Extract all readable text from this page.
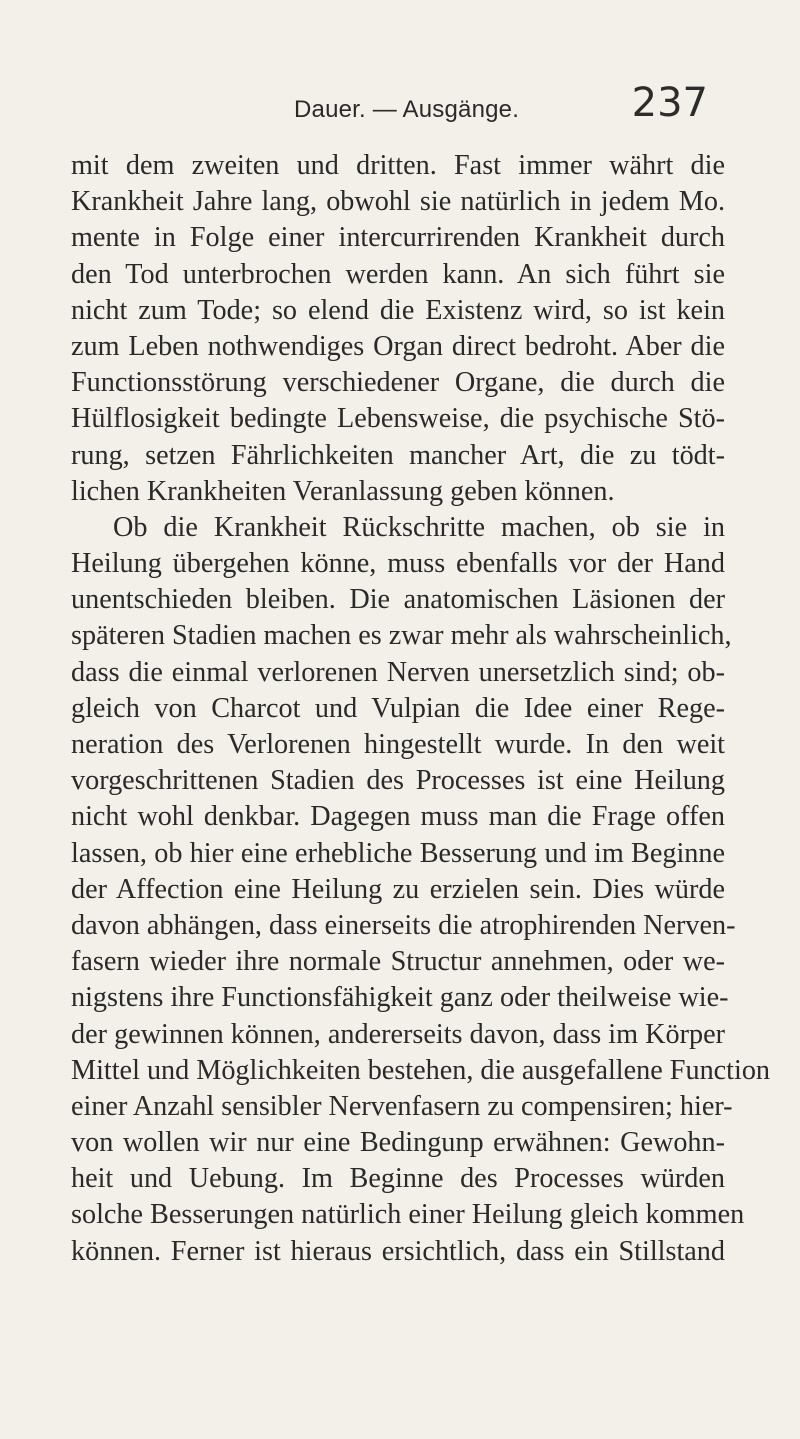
Dauer. — Ausgänge.	237
mit dem zweiten und dritten. Fast immer währt die
Krankheit Jahre lang, obwohl sie natürlich in jedem Mo.
mente in Folge einer intercurrirenden Krankheit durch
den Tod unterbrochen werden kann. An sich führt sie
nicht zum Tode; so elend die Existenz wird, so ist kein
zum Leben nothwendiges Organ direct bedroht. Aber die
Functionsstörung verschiedener Organe, die durch die
Hülflosigkeit bedingte Lebensweise, die psychische Stö-
rung, setzen Fährlichkeiten mancher Art, die zu tödt-
lichen Krankheiten Veranlassung geben können.
Ob die Krankheit Rückschritte machen, ob sie in
Heilung übergehen könne, muss ebenfalls vor der Hand
unentschieden bleiben. Die anatomischen Läsionen der
späteren Stadien machen es zwar mehr als wahrscheinlich,
dass die einmal verlorenen Nerven unersetzlich sind; ob-
gleich von Charcot und Vulpian die Idee einer Rege-
neration des Verlorenen hingestellt wurde. In den weit
vorgeschrittenen Stadien des Processes ist eine Heilung
nicht wohl denkbar. Dagegen muss man die Frage offen
lassen, ob hier eine erhebliche Besserung und im Beginne
der Affection eine Heilung zu erzielen sein. Dies würde
davon abhängen, dass einerseits die atrophirenden Nerven-
fasern wieder ihre normale Structur annehmen, oder we-
nigstens ihre Functionsfähigkeit ganz oder theilweise wie-
der gewinnen können, andererseits davon, dass im Körper
Mittel und Möglichkeiten bestehen, die ausgefallene Function
einer Anzahl sensibler Nervenfasern zu compensiren; hier-
von wollen wir nur eine Bedingunp erwähnen: Gewohn-
heit und Uebung. Im Beginne des Processes würden
solche Besserungen natürlich einer Heilung gleich kommen
können. Ferner ist hieraus ersichtlich, dass ein Stillstand
